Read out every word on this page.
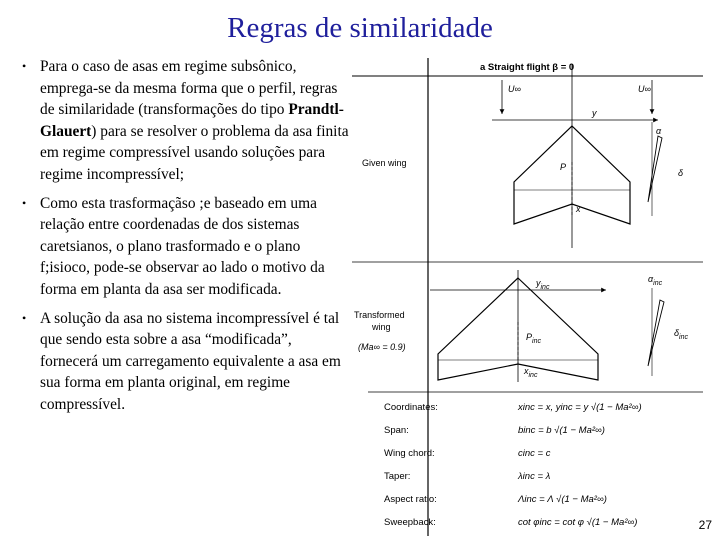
Regras de similaridade
• Para o caso de asas em regime subsônico, emprega-se da mesma forma que o perfil, regras de similaridade (transformações do tipo Prandtl-Glauert) para se resolver o problema da asa finita em regime compressível usando soluções para regime incompressível;
• Como esta trasformaçãso ;e baseado em uma relação entre coordenadas de dos sistemas caretsianos, o plano trasformado e o plano f;isioco, pode-se observar ao lado o motivo da forma em planta da asa ser modificada.
• A solução da asa no sistema incompressível é tal que sendo esta sobre a asa “modificada”, fornecerá um carregamento equivalente a asa em sua forma em planta original, em regime compressível.
a Straight flight β = 0
U∞	U∞
y
x
P
α
δ
Given wing
$y_{inc}$
$x_{inc}$
$P_{inc}$
$\alpha_{inc}$
$\delta_{inc}$
Transformed
wing
(Ma∞ = 0.9)
Coordinates:	xinc = x, yinc = y √(1 − Ma²∞)
Span:	binc = b √(1 − Ma²∞)
Wing chord:	cinc = c
Taper:	λinc = λ
Aspect ratio:	Λinc = Λ √(1 − Ma²∞)
Sweepback:	cot φinc = cot φ √(1 − Ma²∞)	27
